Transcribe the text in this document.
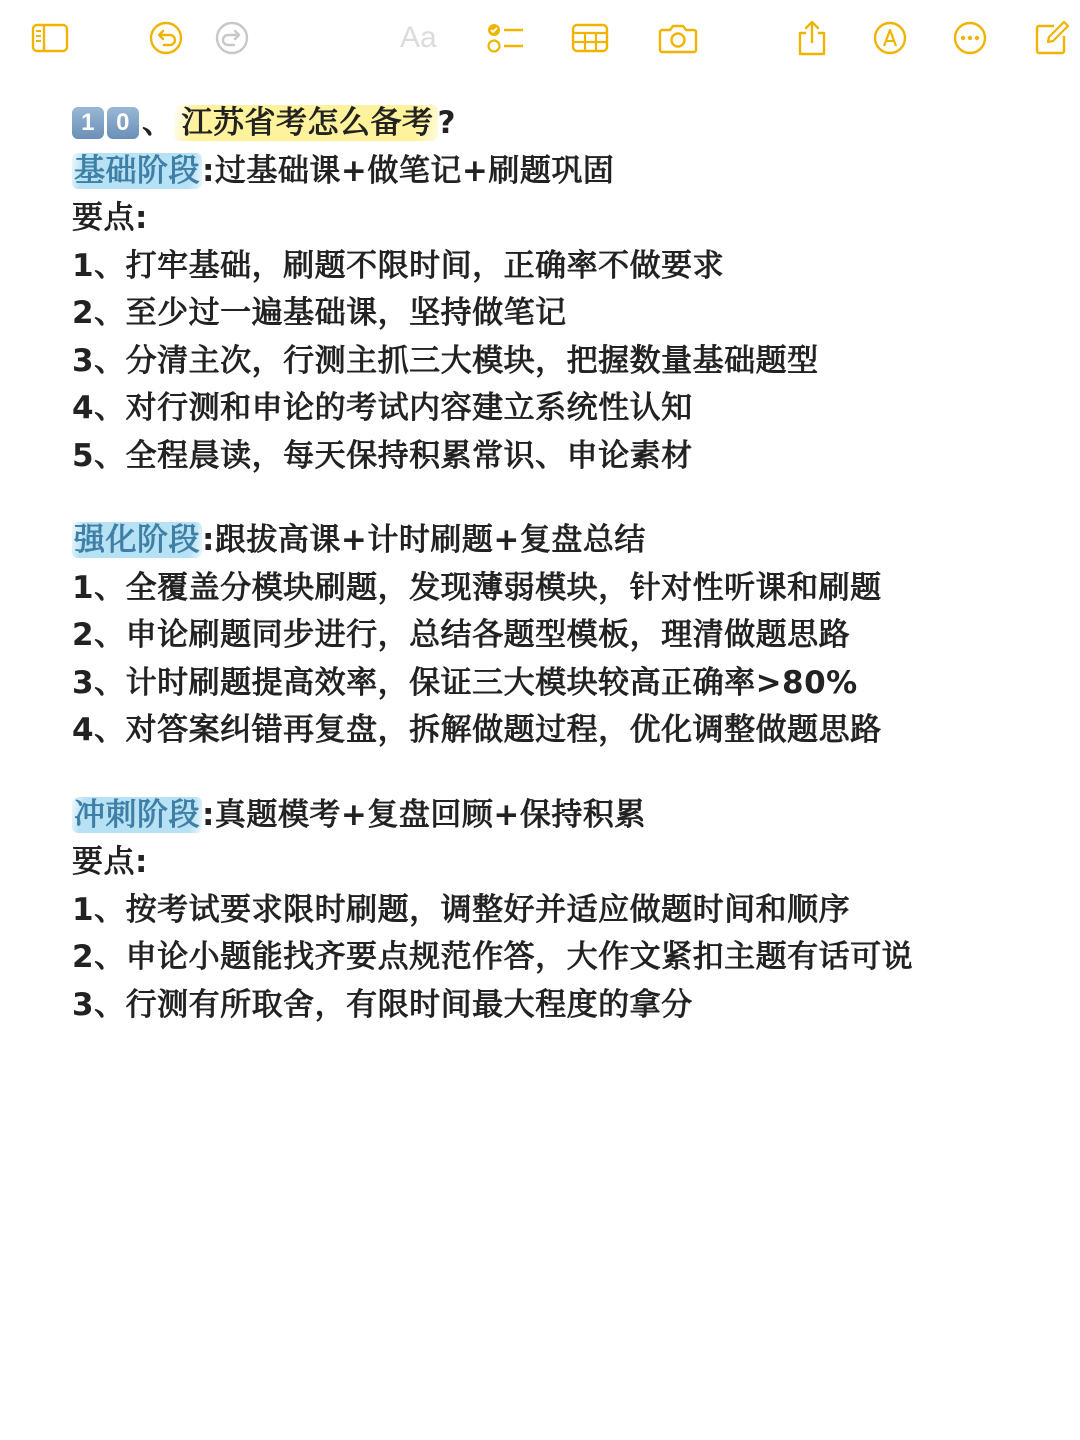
Aa
1 0 、 江苏省考怎么备考 ?
基础阶段:过基础课+做笔记+刷题巩固
要点:
1、打牢基础，刷题不限时间，正确率不做要求
2、至少过一遍基础课，坚持做笔记
3、分清主次，行测主抓三大模块，把握数量基础题型
4、对行测和申论的考试内容建立系统性认知
5、全程晨读，每天保持积累常识、申论素材
强化阶段:跟拔高课+计时刷题+复盘总结
1、全覆盖分模块刷题，发现薄弱模块，针对性听课和刷题
2、申论刷题同步进行，总结各题型模板，理清做题思路
3、计时刷题提高效率，保证三大模块较高正确率>80%
4、对答案纠错再复盘，拆解做题过程，优化调整做题思路
冲刺阶段:真题模考+复盘回顾+保持积累
要点:
1、按考试要求限时刷题，调整好并适应做题时间和顺序
2、申论小题能找齐要点规范作答，大作文紧扣主题有话可说
3、行测有所取舍，有限时间最大程度的拿分
